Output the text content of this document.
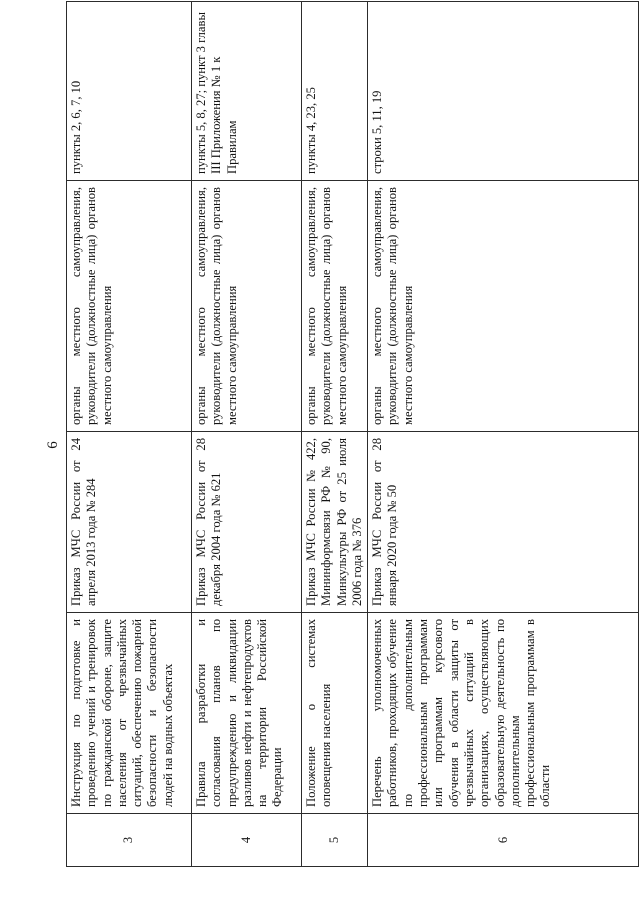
6
3	Инструкция по подготовке и проведению учений и тренировок по гражданской обороне, защите населения от чрезвычайных ситуаций, обеспечению пожарной безопасности и безопасности людей на водных объектах	Приказ МЧС России от 24 апреля 2013 года № 284	органы местного самоуправления, руководители (должностные лица) органов местного самоуправления	пункты 2, 6, 7, 10	
4	Правила разработки и согласования планов по предупреждению и ликвидации разливов нефти и нефтепродуктов на территории Российской Федерации	Приказ МЧС России от 28 декабря 2004 года № 621	органы местного самоуправления, руководители (должностные лица) органов местного самоуправления	пункты 5, 8, 27; пункт 3 главы III Приложения № 1 к Правилам	
5	Положение о системах оповещения населения	Приказ МЧС России № 422, Мининформсвязи РФ № 90, Минкультуры РФ от 25 июля 2006 года № 376	органы местного самоуправления, руководители (должностные лица) органов местного самоуправления	пункты 4, 23, 25	
6	Перечень уполномоченных работников, проходящих обучение по дополнительным профессиональным программам или программам курсового обучения в области защиты от чрезвычайных ситуаций в организациях, осуществляющих образовательную деятельность по дополнительным профессиональным программам в области	Приказ МЧС России от 28 января 2020 года № 50	органы местного самоуправления, руководители (должностные лица) органов местного самоуправления	строки 5, 11, 19	
